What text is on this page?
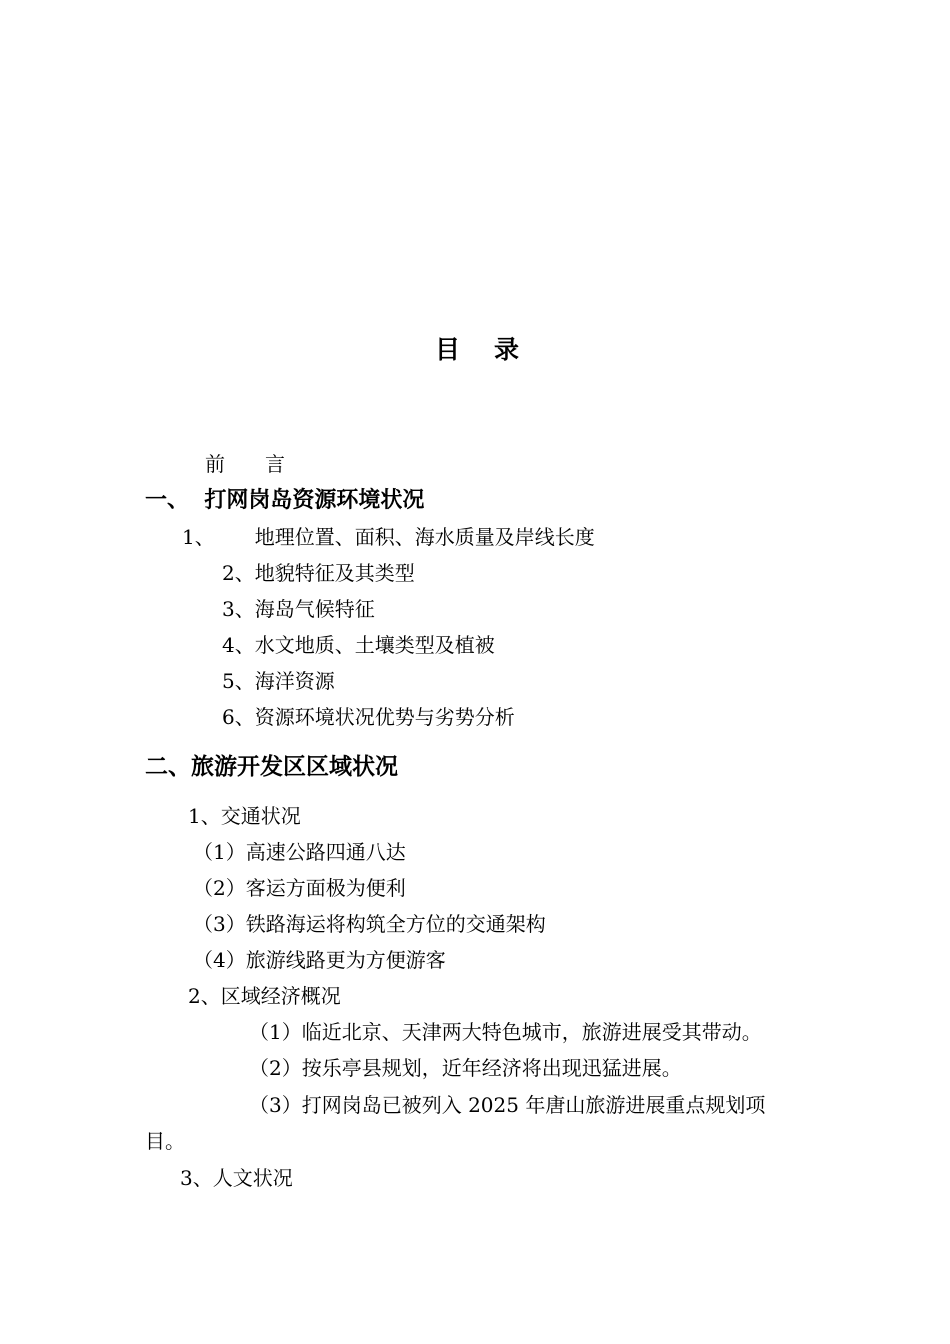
目 录
前 言
一、  打网岗岛资源环境状况
1、 地理位置、面积、海水质量及岸线长度
2、地貌特征及其类型
3、海岛气候特征
4、水文地质、土壤类型及植被
5、海洋资源
6、资源环境状况优势与劣势分析
二、旅游开发区区域状况
1、交通状况
（1）高速公路四通八达
（2）客运方面极为便利
（3）铁路海运将构筑全方位的交通架构
（4）旅游线路更为方便游客
2、区域经济概况
（1）临近北京、天津两大特色城市，旅游进展受其带动。
（2）按乐亭县规划，近年经济将出现迅猛进展。
（3）打网岗岛已被列入 2025 年唐山旅游进展重点规划项
目。
3、人文状况
